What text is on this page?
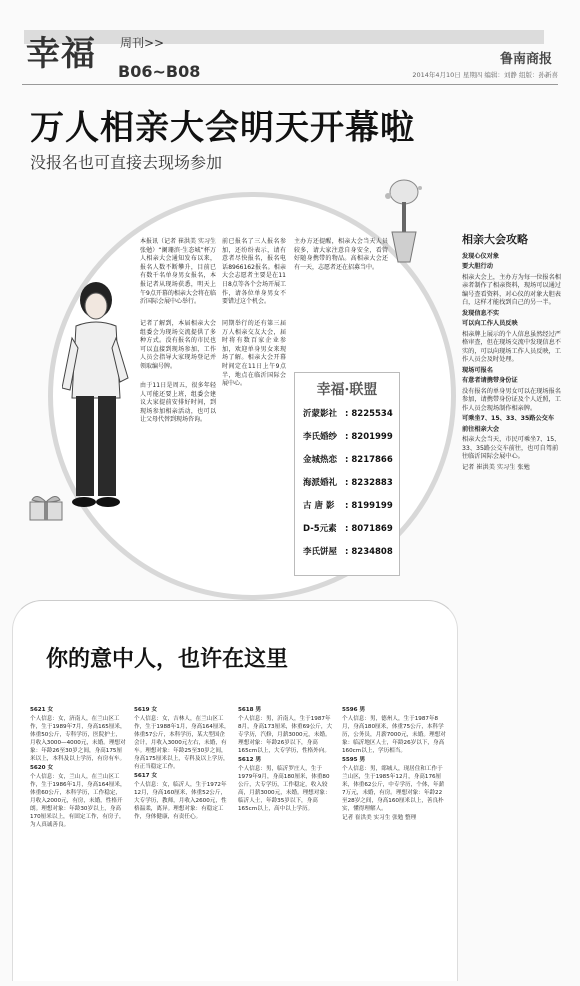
幸福 周刊>>
B06~B08
鲁南商报
2014年4月10日 星期四 编辑：刘静 组版：孙新喜
万人相亲大会明天开幕啦
没报名也可直接去现场参加
本报讯（记者 崔洪美 实习生 张勉）“阑珊滨·生态城”杯万人相亲大会通知发布以来，报名人数不断攀升，目前已有数千名单身男女报名，本报记者从现场获悉，明天上午9点开幕的相亲大会将在临沂国际会展中心举行。
记者了解到，本届相亲大会组委会为现场交流提供了多种方式。没有报名的市民也可以直接到现场参加，工作人员会指导大家现场登记并领取编号牌。
由于11日是周五，很多年轻人可能还要上班，组委会建议大家提前安排好时间，到现场参加相亲活动，也可以让父母代替到现场咨询。
前已报名了三人报名参加，还纷纷表示，请有意者尽快报名，报名电话8966162报名。相亲大会志愿者主要是在11日8点等各个会场开展工作，请各位单身男女不要错过这个机会。
同期举行的还有第三届万人相亲交友大会，届时将有数百家企业参加，欢迎单身男女来现场了解。相亲大会开幕时间定在11日上午9点半，地点在临沂国际会展中心。
主办方还提醒，相亲大会当天人员较多，请大家注意自身安全，看管好随身携带的物品。高相亲大会还有一天，志愿者还在招募当中。
幸福·联盟
沂蒙影社 : 8225534
李氏婚纱 : 8201999
金城热恋 : 8217866
海派婚礼 : 8232883
古 唐 影 : 8199199
D-5元素 : 8071869
李氏饼屋 : 8234808
相亲大会攻略

发现心仪对象

要大胆行动

相亲大会上，主办方为每一位报名相亲者制作了相亲资料，现场可以通过编号查看资料，对心仪的对象大胆表白，这样才能找到自己的另一半。

发现信息不实

可以向工作人员反映

相亲牌上展示的个人信息虽然经过严格审查，但在现场交流中发现信息不实的，可以向现场工作人员反映，工作人员会及时处理。

现场可报名

有意者请携带身份证

没有报名的单身男女可以在现场报名参加，请携带身份证及个人近照，工作人员会现场制作相亲牌。

可乘坐7、15、33、35路公交车

前往相亲大会

相亲大会当天，市民可乘坐7、15、33、35路公交车前往，也可自驾前往临沂国际会展中心。

记者 崔洪美 实习生 张勉

你的意中人，也许在这里

5621 女

个人信息：女，济南人，在兰山区工作，生于1989年7月，身高165厘米，体重50公斤，专科学历，医院护士，月收入3000—4000元，未婚。理想对象：年龄26至30岁之间，身高175厘米以上，本科及以上学历，有房有车。

5620 女

个人信息：女，兰山人，在兰山区工作，生于1986年1月，身高164厘米，体重60公斤，本科学历，工作稳定，月收入2000元，有房，未婚，性格开朗。理想对象：年龄30岁以上，身高170厘米以上，有固定工作，有房子，为人真诚善良。

5619 女

个人信息：女，吉林人，在兰山区工作，生于1988年1月，身高164厘米，体重57公斤，本科学历，某大型国企会计，月收入3000元左右，未婚，有车。理想对象：年龄25至30岁之间，身高175厘米以上，专科及以上学历，有正当稳定工作。

5617 女

个人信息：女，临沂人，生于1972年12月，身高160厘米，体重52公斤，大专学历，教师，月收入2600元，性格温柔，离异。理想对象：有稳定工作，身体健康，有责任心。

5618 男

个人信息：男，沂南人，生于1987年8月，身高173厘米，体重69公斤，大专学历，汽修，月薪3000元，未婚。理想对象：年龄26岁以下，身高165cm以上，大专学历，性格外向。

5612 男

个人信息：男，临沂罗庄人，生于1979年9月，身高180厘米，体重80公斤，大专学历，工作稳定，收入较高，月薪3000元，未婚。理想对象：临沂人士，年龄35岁以下，身高165cm以上，高中以上学历。

5596 男

个人信息：男，德州人，生于1987年8月，身高180厘米，体重75公斤，本科学历，公务员，月薪7000元，未婚。理想对象：临沂地区人士，年龄26岁以下，身高160cm以上，学历相当。

5595 男

个人信息：男，郯城人，现居住和工作于兰山区，生于1985年12月，身高176厘米，体重62公斤，中专学历，个体，年薪7万元，未婚，有房。理想对象：年龄22至28岁之间，身高160厘米以上，善良朴实，懂得理解人。

记者 崔洪美 实习生 张勉 整理
